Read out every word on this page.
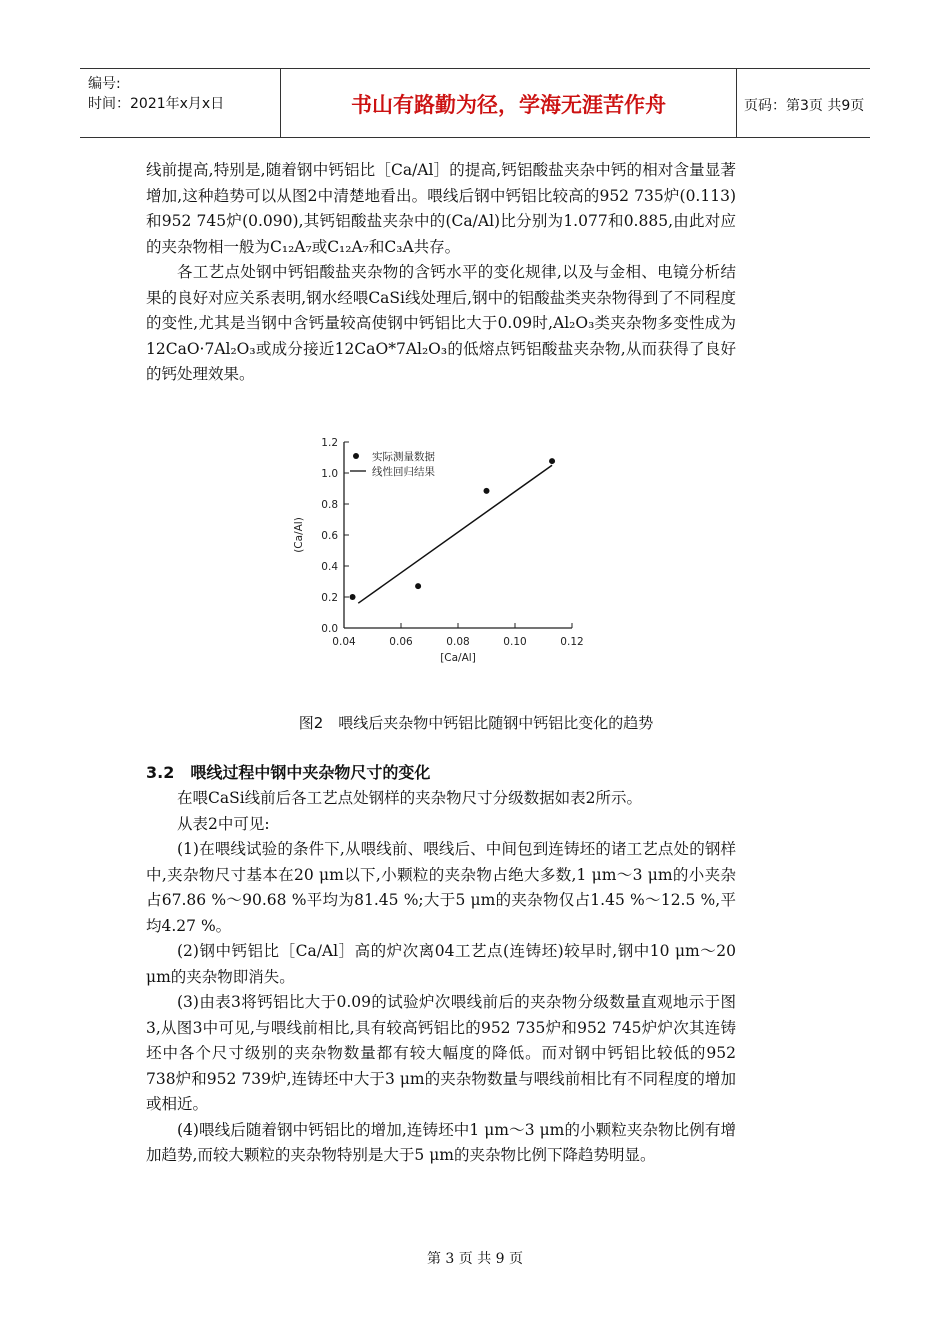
编号:
时间：2021年x月x日	书山有路勤为径，学海无涯苦作舟	页码：第3页 共9页

线前提高,特别是,随着钢中钙铝比［Ca/Al］的提高,钙铝酸盐夹杂中钙的相对含量显著增加,这种趋势可以从图2中清楚地看出。喂线后钢中钙铝比较高的952 735炉(0.113)和952 745炉(0.090),其钙铝酸盐夹杂中的(Ca/Al)比分别为1.077和0.885,由此对应的夹杂物相一般为C₁₂A₇或C₁₂A₇和C₃A共存。

各工艺点处钢中钙铝酸盐夹杂物的含钙水平的变化规律,以及与金相、电镜分析结果的良好对应关系表明,钢水经喂CaSi线处理后,钢中的铝酸盐类夹杂物得到了不同程度的变性,尤其是当钢中含钙量较高使钢中钙铝比大于0.09时,Al₂O₃类夹杂物多变性成为12CaO·7Al₂O₃或成分接近12CaO*7Al₂O₃的低熔点钙铝酸盐夹杂物,从而获得了良好的钙处理效果。

0.0
0.2
0.4
0.6
0.8
1.0
1.2
0.04	0.06	0.08	0.10	0.12
[Ca/Al]
(Ca/Al)
实际测量数据
线性回归结果
图2　喂线后夹杂物中钙铝比随钢中钙铝比变化的趋势
3.2　喂线过程中钢中夹杂物尺寸的变化

在喂CaSi线前后各工艺点处钢样的夹杂物尺寸分级数据如表2所示。

从表2中可见:

(1)在喂线试验的条件下,从喂线前、喂线后、中间包到连铸坯的诸工艺点处的钢样中,夹杂物尺寸基本在20 μm以下,小颗粒的夹杂物占绝大多数,1 μm～3 μm的小夹杂占67.86 %～90.68 %平均为81.45 %;大于5 μm的夹杂物仅占1.45 %～12.5 %,平均4.27 %。

(2)钢中钙铝比［Ca/Al］高的炉次离04工艺点(连铸坯)较早时,钢中10 μm～20 μm的夹杂物即消失。

(3)由表3将钙铝比大于0.09的试验炉次喂线前后的夹杂物分级数量直观地示于图3,从图3中可见,与喂线前相比,具有较高钙铝比的952 735炉和952 745炉炉次其连铸坯中各个尺寸级别的夹杂物数量都有较大幅度的降低。而对钢中钙铝比较低的952 738炉和952 739炉,连铸坯中大于3 μm的夹杂物数量与喂线前相比有不同程度的增加或相近。

(4)喂线后随着钢中钙铝比的增加,连铸坯中1 μm～3 μm的小颗粒夹杂物比例有增加趋势,而较大颗粒的夹杂物特别是大于5 μm的夹杂物比例下降趋势明显。

第 3 页 共 9 页
